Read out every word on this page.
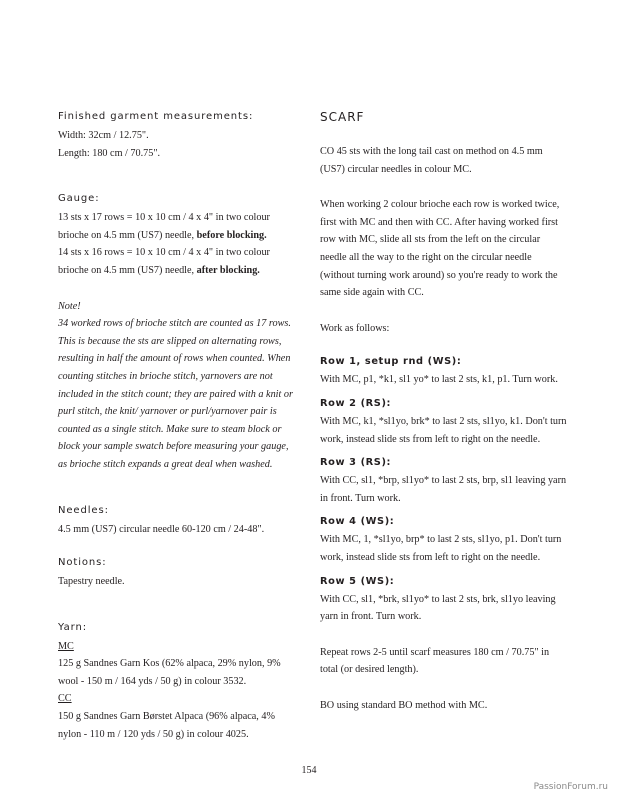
Finished garment measurements:

Width: 32cm / 12.75".

Length: 180 cm / 70.75".

Gauge:

13 sts x 17 rows = 10 x 10 cm / 4 x 4" in two colour brioche on 4.5 mm (US7) needle, before blocking.

14 sts x 16 rows = 10 x 10 cm / 4 x 4" in two colour brioche on 4.5 mm (US7) needle, after blocking.

Note!

34 worked rows of brioche stitch are counted as 17 rows. This is because the sts are slipped on alternating rows, resulting in half the amount of rows when counted. When counting stitches in brioche stitch, yarnovers are not included in the stitch count; they are paired with a knit or purl stitch, the knit/ yarnover or purl/yarnover pair is counted as a single stitch. Make sure to steam block or block your sample swatch before measuring your gauge, as brioche stitch expands a great deal when washed.

Needles:

4.5 mm (US7) circular needle 60-120 cm / 24-48".

Notions:

Tapestry needle.

Yarn:

MC

125 g Sandnes Garn Kos (62% alpaca, 29% nylon, 9% wool - 150 m / 164 yds / 50 g) in colour 3532.

CC

150 g Sandnes Garn Børstet Alpaca (96% alpaca, 4% nylon - 110 m / 120 yds / 50 g) in colour 4025.

SCARF

CO 45 sts with the long tail cast on method on 4.5 mm (US7) circular needles in colour MC.

When working 2 colour brioche each row is worked twice, first with MC and then with CC. After having worked first row with MC, slide all sts from the left on the circular needle all the way to the right on the circular needle (without turning work around) so you're ready to work the same side again with CC.

Work as follows:

Row 1, setup rnd (WS):

With MC, p1, *k1, sl1 yo* to last 2 sts, k1, p1. Turn work.

Row 2 (RS):

With MC, k1, *sl1yo, brk* to last 2 sts, sl1yo, k1. Don't turn work, instead slide sts from left to right on the needle.

Row 3 (RS):

With CC, sl1, *brp, sl1yo* to last 2 sts, brp, sl1 leaving yarn in front. Turn work.

Row 4 (WS):

With MC, 1, *sl1yo, brp* to last 2 sts, sl1yo, p1. Don't turn work, instead slide sts from left to right on the needle.

Row 5 (WS):

With CC, sl1, *brk, sl1yo* to last 2 sts, brk, sl1yo leaving yarn in front. Turn work.

Repeat rows 2-5 until scarf measures 180 cm / 70.75" in total (or desired length).

BO using standard BO method with MC.

154
PassionForum.ru
